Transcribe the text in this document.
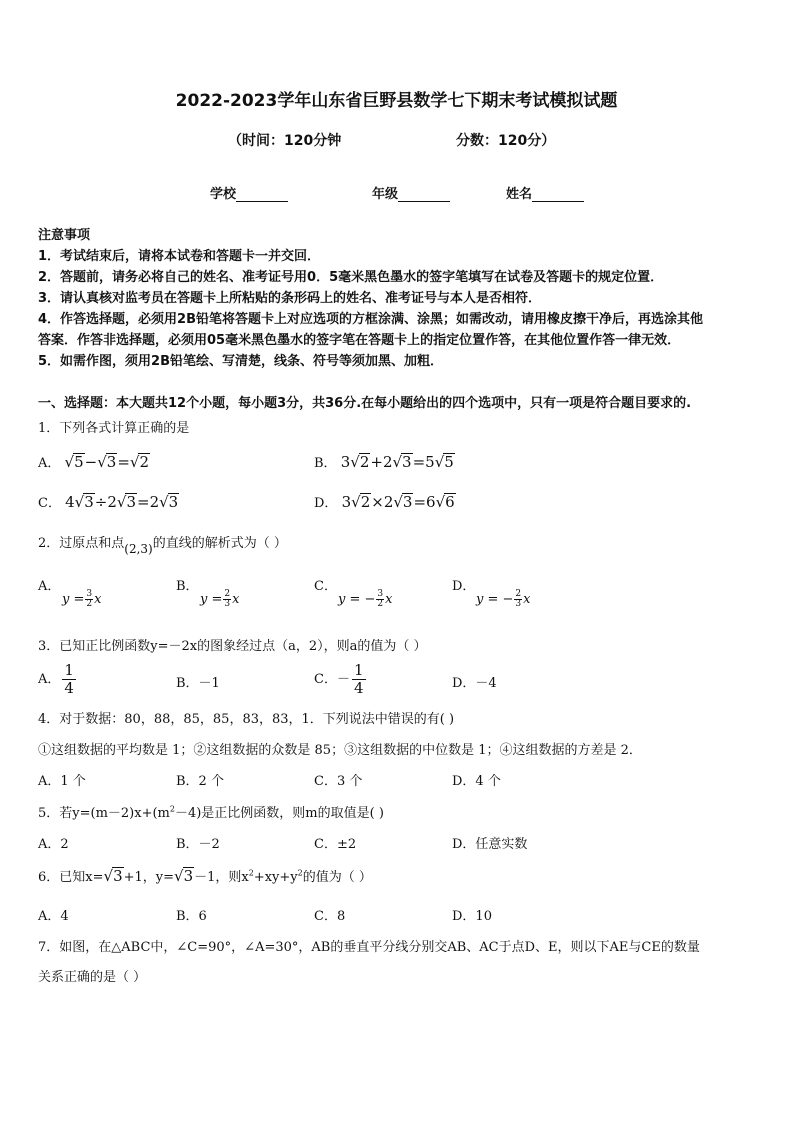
2022-2023学年山东省巨野县数学七下期末考试模拟试题
（时间：120分钟	分数：120分）
学校	年级	姓名
注意事项
1．考试结束后，请将本试卷和答题卡一并交回．
2．答题前，请务必将自己的姓名、准考证号用0．5毫米黑色墨水的签字笔填写在试卷及答题卡的规定位置．
3．请认真核对监考员在答题卡上所粘贴的条形码上的姓名、准考证号与本人是否相符．
4．作答选择题，必须用2B铅笔将答题卡上对应选项的方框涂满、涂黑；如需改动，请用橡皮擦干净后，再选涂其他
答案．作答非选择题，必须用05毫米黑色墨水的签字笔在答题卡上的指定位置作答，在其他位置作答一律无效．
5．如需作图，须用2B铅笔绘、写清楚，线条、符号等须加黑、加粗．
一、选择题：本大题共12个小题，每小题3分，共36分.在每小题给出的四个选项中，只有一项是符合题目要求的.
1．下列各式计算正确的是
A． √5−√3=√2	B． 3√2+2√3=5√5
C． 4√3÷2√3=2√3	D． 3√2×2√3=6√6
2．过原点和点(2,3)的直线的解析式为（ ）
A．
$y = \frac{3}{2}$ x
B．
$y = \frac{2}{3}$ x
C．
y = − $\frac{3}{2}$ x
D．
y = − $\frac{2}{3}$ x
3．已知正比例函数y=－2x的图象经过点（a，2），则a的值为（ ）
A． $\frac{1}{4}$	B．－1	C．－ $\frac{1}{4}$	D．－4
4．对于数据：80，88，85，85，83，83，1．下列说法中错误的有( )
①这组数据的平均数是 1；②这组数据的众数是 85；③这组数据的中位数是 1；④这组数据的方差是 2．
A．1 个	B．2 个	C．3 个	D．4 个
5．若$y=(m-2)x+(m^2-4)$是正比例函数，则m的取值是( )
A．2	B．－2	C．±2	D．任意实数
6．已知x=√3+1，y=√3－1，则$x^2+xy+y^2$的值为（ ）
A．4	B．6	C．8	D．10
7．如图，在△ABC中，∠C=90°，∠A=30°，AB的垂直平分线分别交AB、AC于点D、E，则以下AE与CE的数量
关系正确的是（ ）
